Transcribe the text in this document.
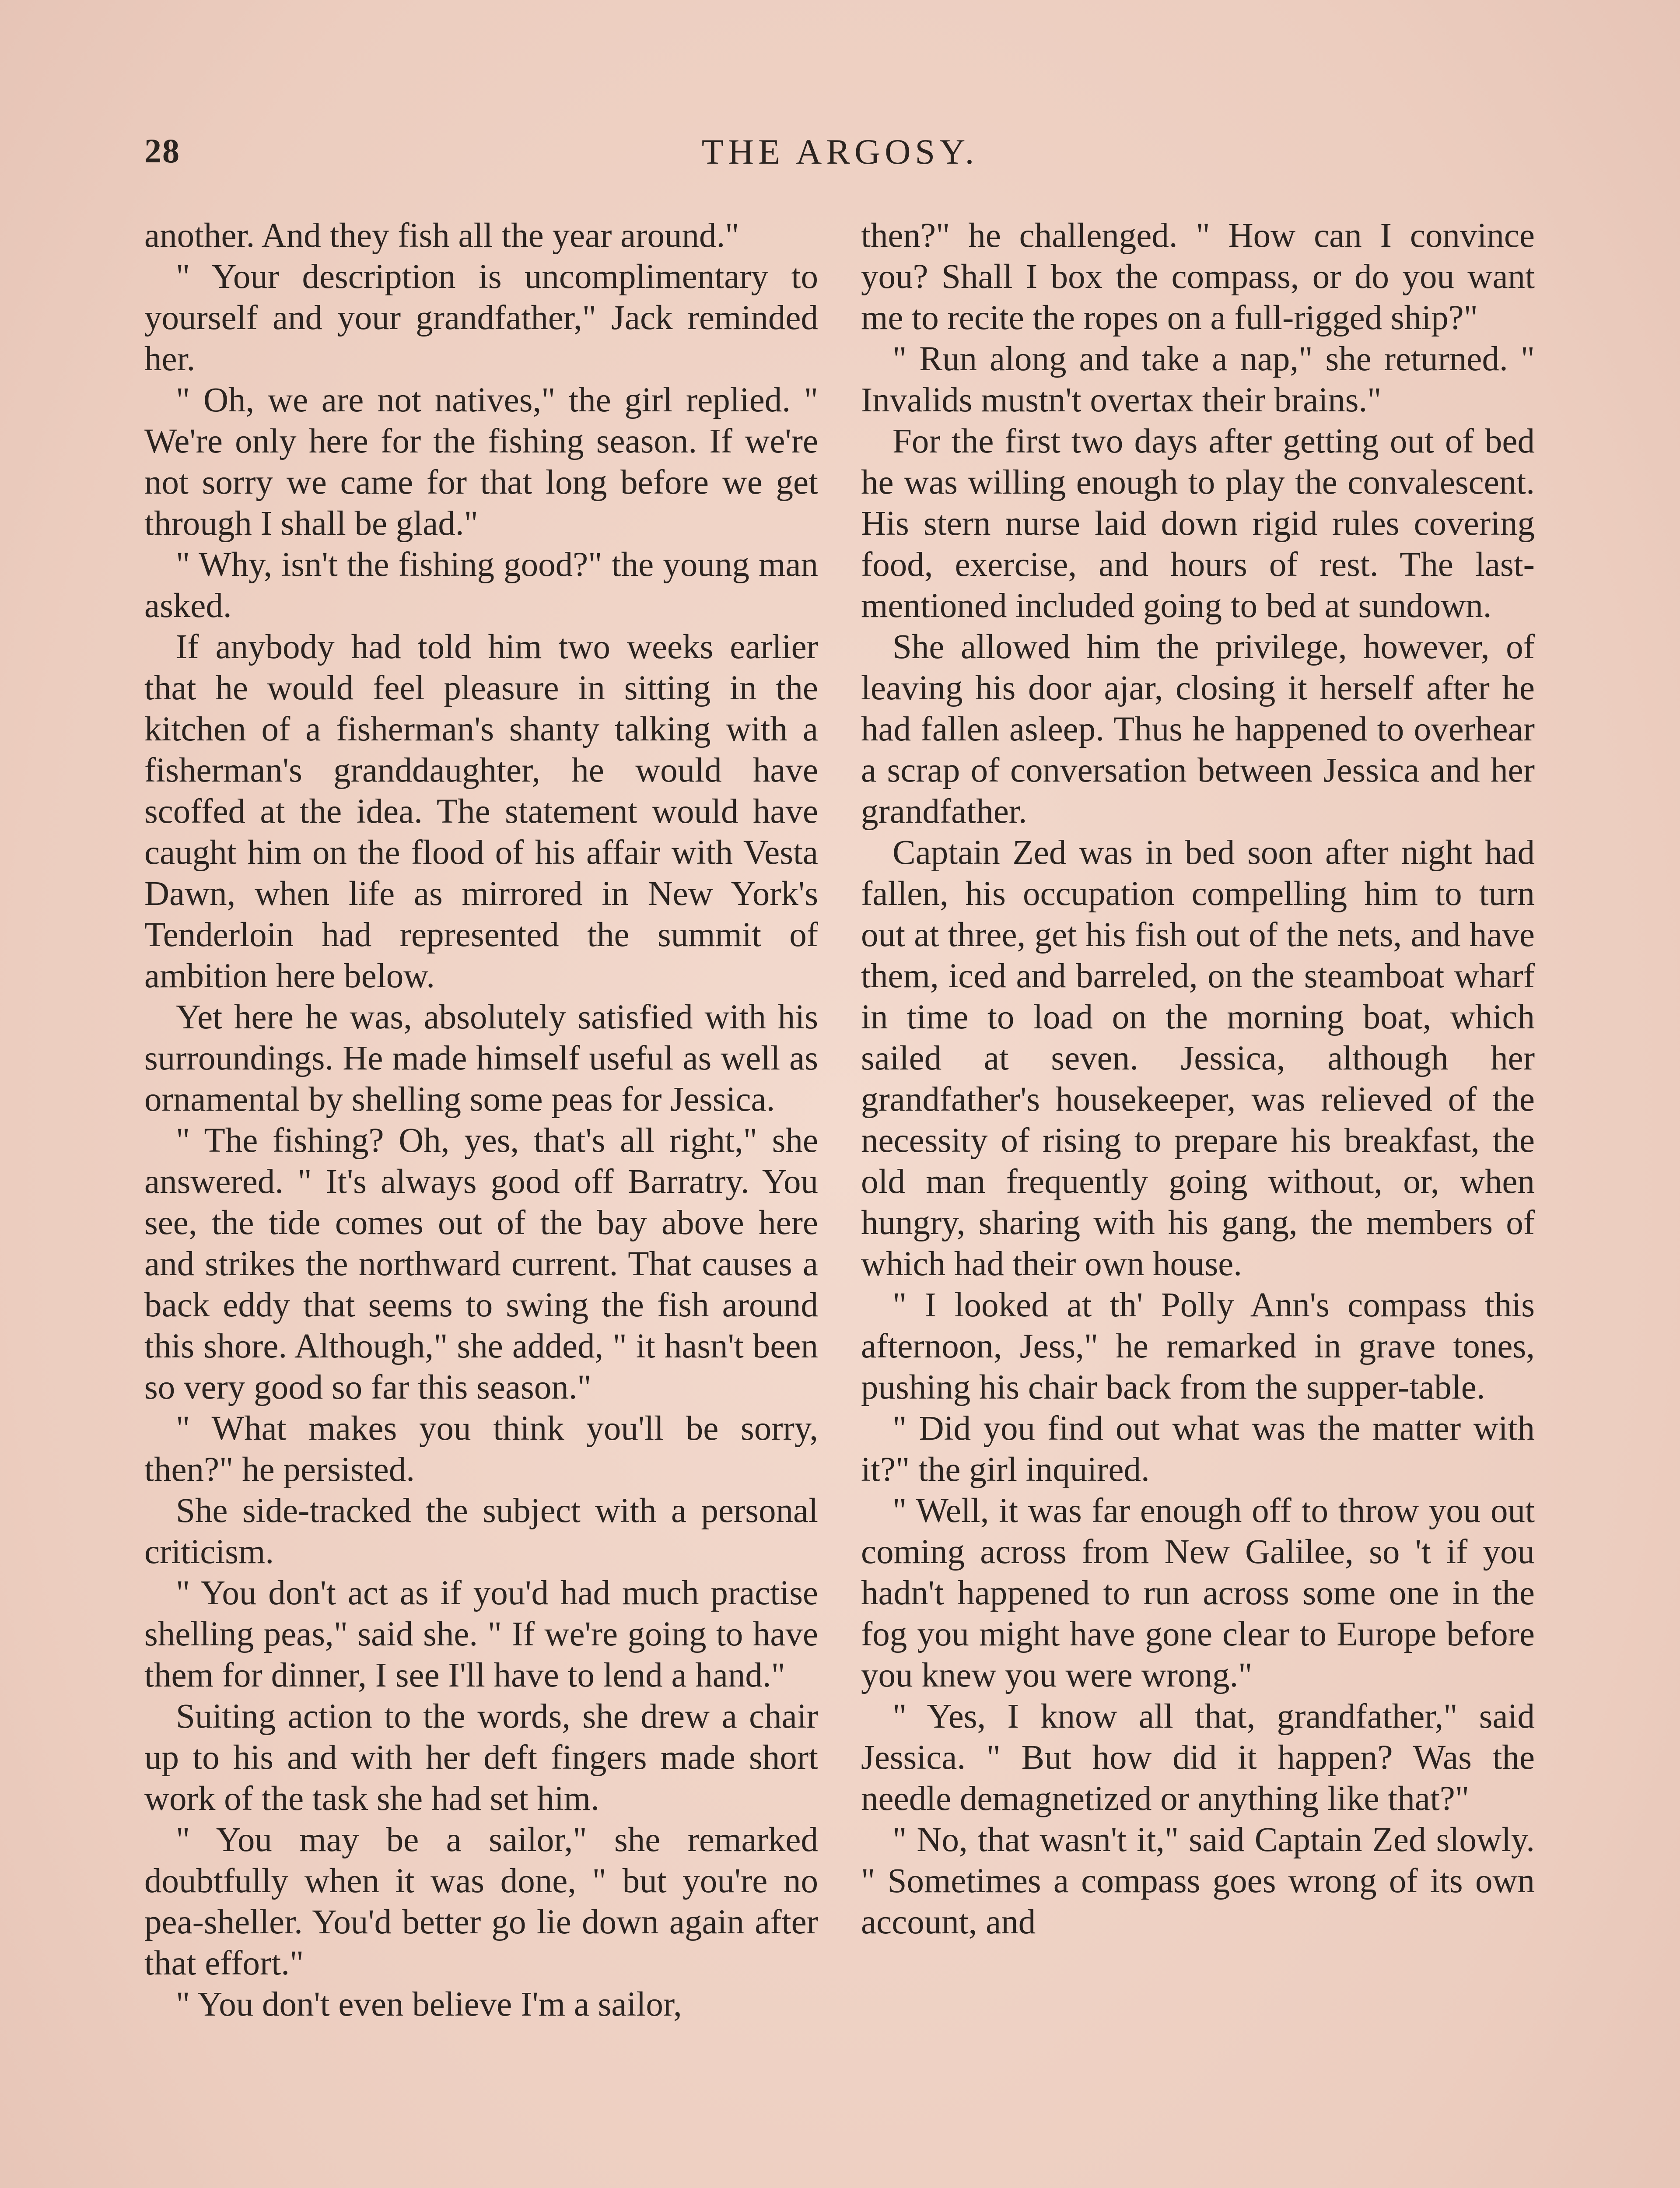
28	THE ARGOSY.

another. And they fish all the year around."

" Your description is uncomplimentary to yourself and your grandfather," Jack reminded her.

" Oh, we are not natives," the girl replied. " We're only here for the fishing season. If we're not sorry we came for that long before we get through I shall be glad."

" Why, isn't the fishing good?" the young man asked.

If anybody had told him two weeks earlier that he would feel pleasure in sitting in the kitchen of a fisherman's shanty talking with a fisherman's granddaughter, he would have scoffed at the idea. The statement would have caught him on the flood of his affair with Vesta Dawn, when life as mirrored in New York's Tenderloin had represented the summit of ambition here below.

Yet here he was, absolutely satisfied with his surroundings. He made himself useful as well as ornamental by shelling some peas for Jessica.

" The fishing? Oh, yes, that's all right," she answered. " It's always good off Barratry. You see, the tide comes out of the bay above here and strikes the northward current. That causes a back eddy that seems to swing the fish around this shore. Although," she added, " it hasn't been so very good so far this season."

" What makes you think you'll be sorry, then?" he persisted.

She side-tracked the subject with a personal criticism.

" You don't act as if you'd had much practise shelling peas," said she. " If we're going to have them for dinner, I see I'll have to lend a hand."

Suiting action to the words, she drew a chair up to his and with her deft fingers made short work of the task she had set him.

" You may be a sailor," she remarked doubtfully when it was done, " but you're no pea-sheller. You'd better go lie down again after that effort."

" You don't even believe I'm a sailor,

then?" he challenged. " How can I convince you? Shall I box the compass, or do you want me to recite the ropes on a full-rigged ship?"

" Run along and take a nap," she returned. " Invalids mustn't overtax their brains."

For the first two days after getting out of bed he was willing enough to play the convalescent. His stern nurse laid down rigid rules covering food, exercise, and hours of rest. The last-mentioned included going to bed at sundown.

She allowed him the privilege, however, of leaving his door ajar, closing it herself after he had fallen asleep. Thus he happened to overhear a scrap of conversation between Jessica and her grandfather.

Captain Zed was in bed soon after night had fallen, his occupation compelling him to turn out at three, get his fish out of the nets, and have them, iced and barreled, on the steamboat wharf in time to load on the morning boat, which sailed at seven. Jessica, although her grandfather's housekeeper, was relieved of the necessity of rising to prepare his breakfast, the old man frequently going without, or, when hungry, sharing with his gang, the members of which had their own house.

" I looked at th' Polly Ann's compass this afternoon, Jess," he remarked in grave tones, pushing his chair back from the supper-table.

" Did you find out what was the matter with it?" the girl inquired.

" Well, it was far enough off to throw you out coming across from New Galilee, so 't if you hadn't happened to run across some one in the fog you might have gone clear to Europe before you knew you were wrong."

" Yes, I know all that, grandfather," said Jessica. " But how did it happen? Was the needle demagnetized or anything like that?"

" No, that wasn't it," said Captain Zed slowly. " Sometimes a compass goes wrong of its own account, and
